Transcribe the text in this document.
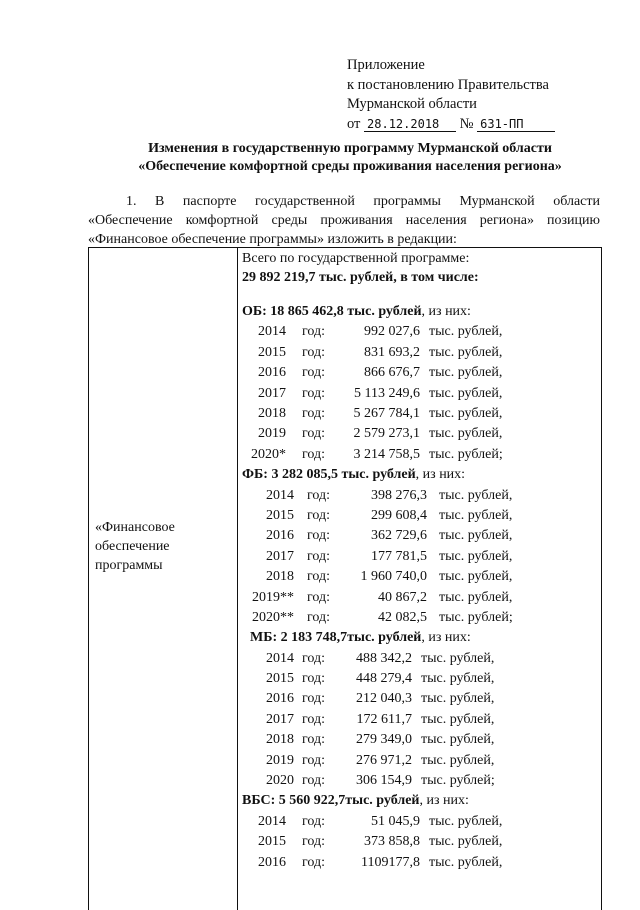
Приложение
к постановлению Правительства
Мурманской области
от 28.12.2018 № 631-ПП
Изменения в государственную программу Мурманской области
«Обеспечение комфортной среды проживания населения региона»
1. В паспорте государственной программы Мурманской области
«Обеспечение комфортной среды проживания населения региона» позицию
«Финансовое обеспечение программы» изложить в редакции:
«Финансовое
обеспечение
программы
Всего по государственной программе:
29 892 219,7 тыс. рублей, в том числе:
ОБ: 18 865 462,8 тыс. рублей, из них:
2014 год:	992 027,6 тыс. рублей,
2015 год:	831 693,2 тыс. рублей,
2016 год:	866 676,7 тыс. рублей,
2017 год:	5 113 249,6 тыс. рублей,
2018 год:	5 267 784,1 тыс. рублей,
2019 год:	2 579 273,1 тыс. рублей,
2020* год:	3 214 758,5 тыс. рублей;
ФБ: 3 282 085,5 тыс. рублей, из них:
2014 год:	398 276,3 тыс. рублей,
2015 год:	299 608,4 тыс. рублей,
2016 год:	362 729,6 тыс. рублей,
2017 год:	177 781,5 тыс. рублей,
2018 год:	1 960 740,0 тыс. рублей,
2019** год:	40 867,2 тыс. рублей,
2020** год:	42 082,5 тыс. рублей;
МБ: 2 183 748,7тыс. рублей, из них:
2014 год:	488 342,2 тыс. рублей,
2015 год:	448 279,4 тыс. рублей,
2016 год:	212 040,3 тыс. рублей,
2017 год:	172 611,7 тыс. рублей,
2018 год:	279 349,0 тыс. рублей,
2019 год:	276 971,2 тыс. рублей,
2020 год:	306 154,9 тыс. рублей;
ВБС: 5 560 922,7тыс. рублей, из них:
2014 год:	51 045,9 тыс. рублей,
2015 год:	373 858,8 тыс. рублей,
2016 год:	1109177,8 тыс. рублей,
